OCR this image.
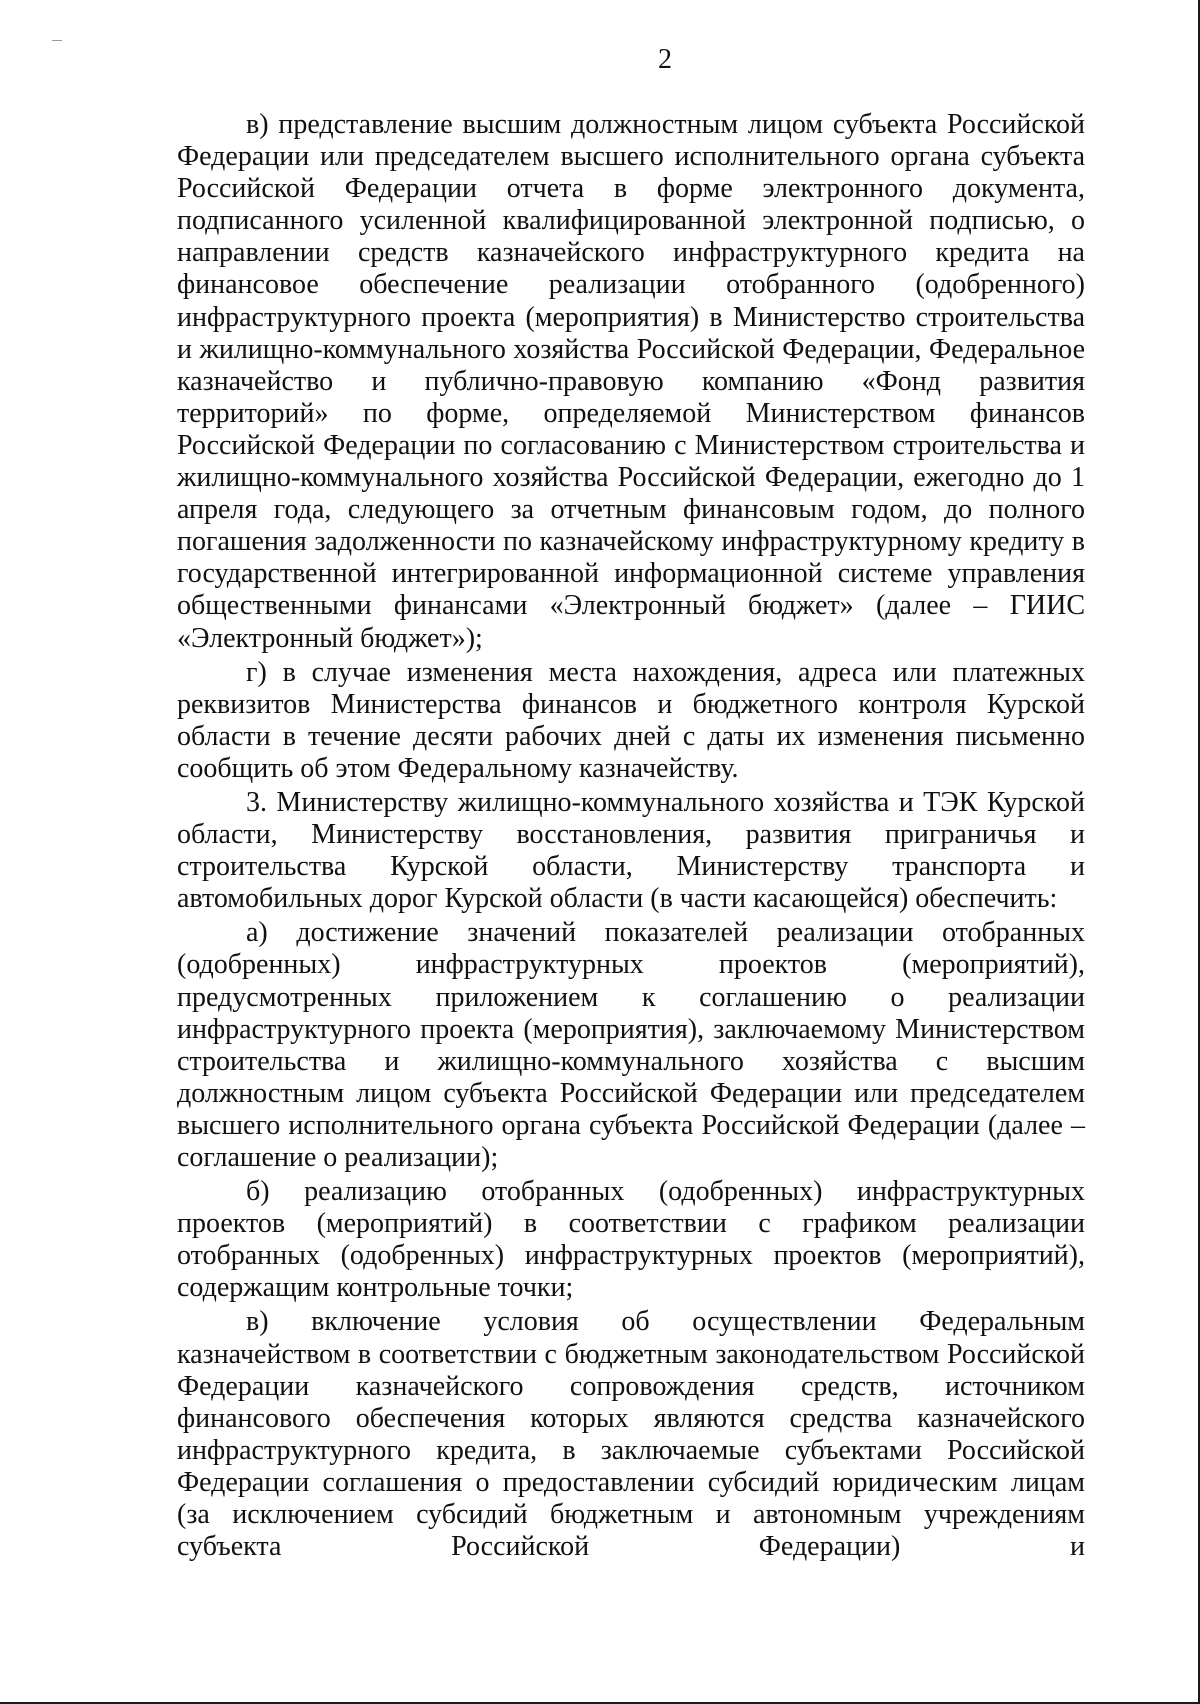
2

в) представление высшим должностным лицом субъекта Российской Федерации или председателем высшего исполнительного органа субъекта Российской Федерации отчета в форме электронного документа, подписанного усиленной квалифицированной электронной подписью, о направлении средств казначейского инфраструктурного кредита на финансовое обеспечение реализации отобранного (одобренного) инфраструктурного проекта (мероприятия) в Министерство строительства и жилищно-коммунального хозяйства Российской Федерации, Федеральное казначейство и публично-правовую компанию «Фонд развития территорий» по форме, определяемой Министерством финансов Российской Федерации по согласованию с Министерством строительства и жилищно-коммунального хозяйства Российской Федерации, ежегодно до 1 апреля года, следующего за отчетным финансовым годом, до полного погашения задолженности по казначейскому инфраструктурному кредиту в государственной интегрированной информационной системе управления общественными финансами «Электронный бюджет» (далее – ГИИС «Электронный бюджет»);

г) в случае изменения места нахождения, адреса или платежных реквизитов Министерства финансов и бюджетного контроля Курской области в течение десяти рабочих дней с даты их изменения письменно сообщить об этом Федеральному казначейству.

3. Министерству жилищно-коммунального хозяйства и ТЭК Курской области, Министерству восстановления, развития приграничья и строительства Курской области, Министерству транспорта и автомобильных дорог Курской области (в части касающейся) обеспечить:

а) достижение значений показателей реализации отобранных (одобренных) инфраструктурных проектов (мероприятий), предусмотренных приложением к соглашению о реализации инфраструктурного проекта (мероприятия), заключаемому Министерством строительства и жилищно-коммунального хозяйства с высшим должностным лицом субъекта Российской Федерации или председателем высшего исполнительного органа субъекта Российской Федерации (далее – соглашение о реализации);

б) реализацию отобранных (одобренных) инфраструктурных проектов (мероприятий) в соответствии с графиком реализации отобранных (одобренных) инфраструктурных проектов (мероприятий), содержащим контрольные точки;

в) включение условия об осуществлении Федеральным казначейством в соответствии с бюджетным законодательством Российской Федерации казначейского сопровождения средств, источником финансового обеспечения которых являются средства казначейского инфраструктурного кредита, в заключаемые субъектами Российской Федерации соглашения о предоставлении субсидий юридическим лицам (за исключением субсидий бюджетным и автономным учреждениям субъекта Российской Федерации) и
